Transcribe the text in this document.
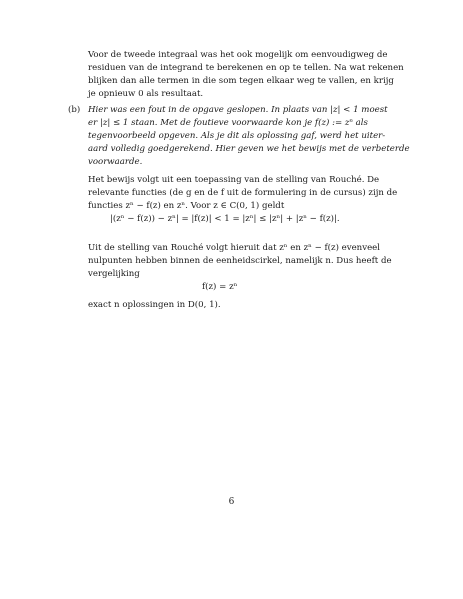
Voor de tweede integraal was het ook mogelijk om eenvoudigweg de
residuen van de integrand te berekenen en op te tellen. Na wat rekenen
blijken dan alle termen in die som tegen elkaar weg te vallen, en krijg
je opnieuw 0 als resultaat.

(b) Hier was een fout in de opgave geslopen. In plaats van |z| < 1 moest
er |z| ≤ 1 staan. Met de foutieve voorwaarde kon je f(z) := zⁿ als
tegenvoorbeeld opgeven. Als je dit als oplossing gaf, werd het uiter-
aard volledig goedgerekend. Hier geven we het bewijs met de verbeterde
voorwaarde.

Het bewijs volgt uit een toepassing van de stelling van Rouché. De
relevante functies (de g en de f uit de formulering in de cursus) zijn de
functies zⁿ − f(z) en zⁿ. Voor z ∈ C(0, 1) geldt

|(zⁿ − f(z)) − zⁿ| = |f(z)| < 1 = |zⁿ| ≤ |zⁿ| + |zⁿ − f(z)|.

Uit de stelling van Rouché volgt hieruit dat zⁿ en zⁿ − f(z) evenveel
nulpunten hebben binnen de eenheidscirkel, namelijk n. Dus heeft de
vergelijking

f(z) = zⁿ

exact n oplossingen in D(0, 1).

6
